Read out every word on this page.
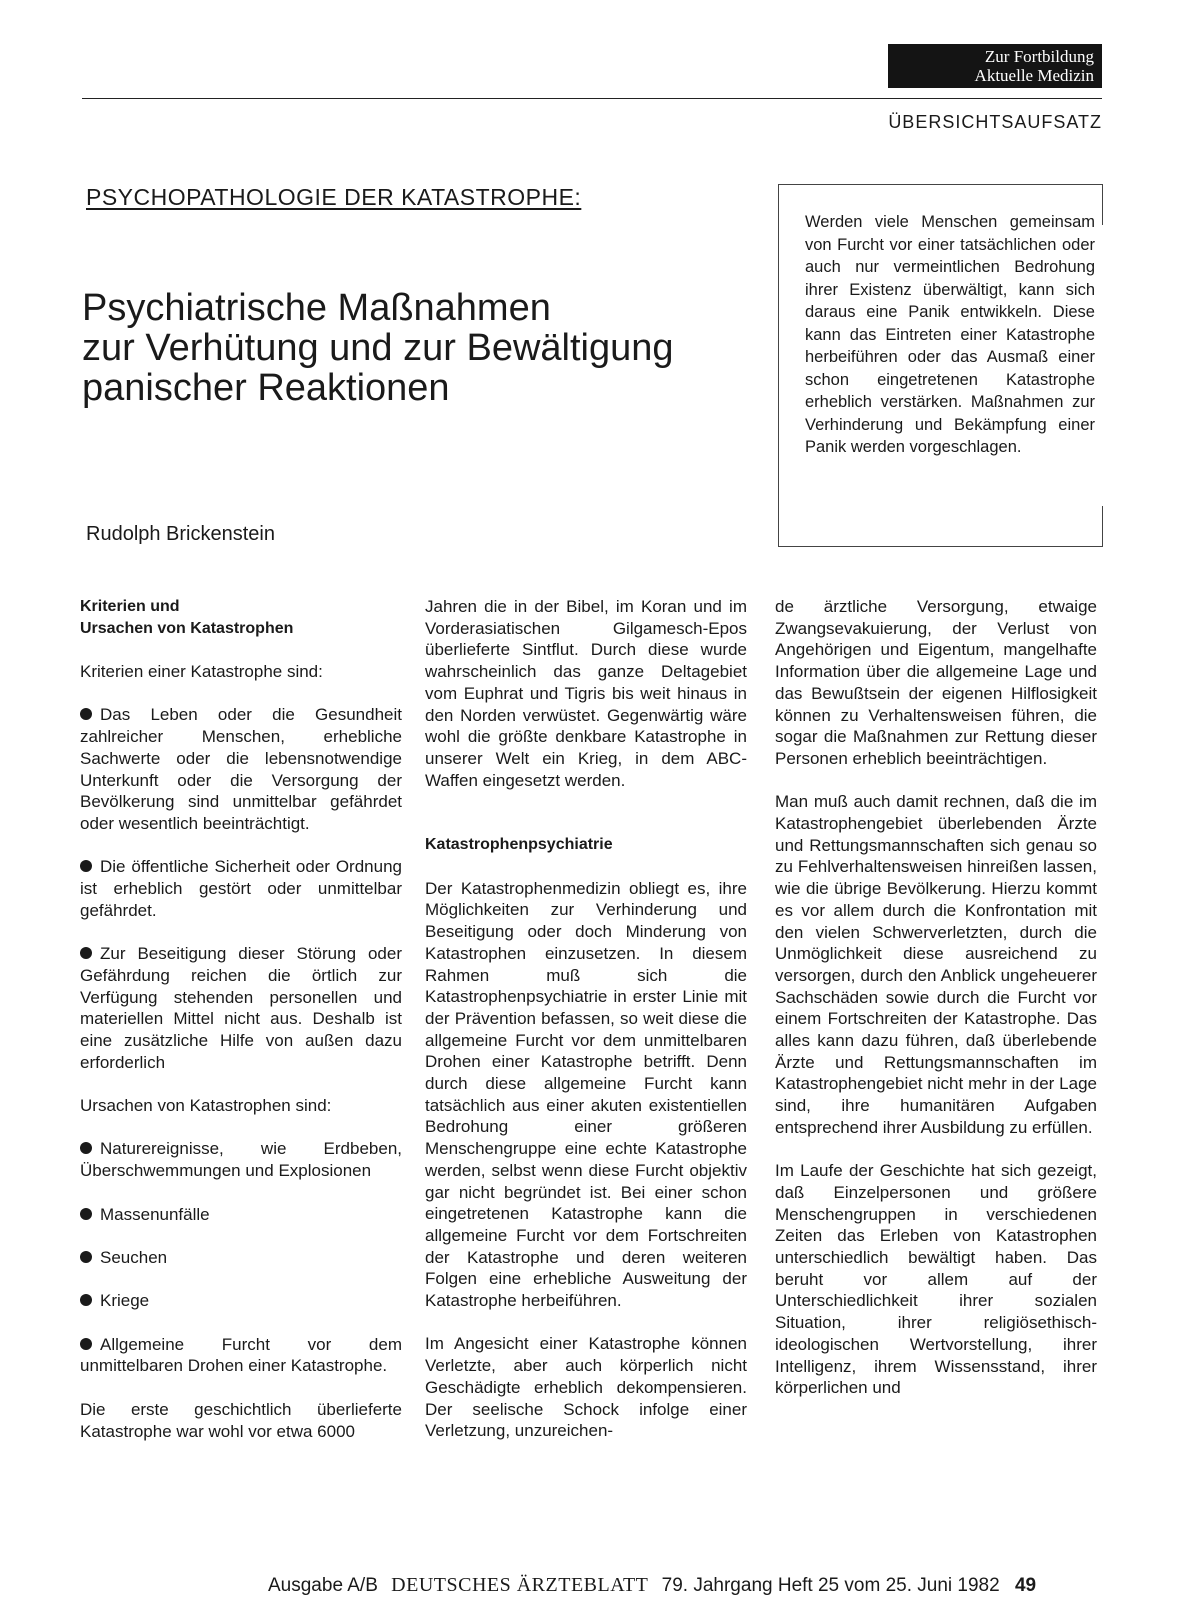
Zur Fortbildung
Aktuelle Medizin
ÜBERSICHTSAUFSATZ
PSYCHOPATHOLOGIE DER KATASTROPHE:
Psychiatrische Maßnahmen
zur Verhütung und zur Bewältigung
panischer Reaktionen
Rudolph Brickenstein
Werden viele Menschen gemeinsam von Furcht vor einer tatsächlichen oder auch nur vermeintlichen Bedrohung ihrer Existenz überwältigt, kann sich daraus eine Panik entwikkeln. Diese kann das Eintreten einer Katastrophe herbeiführen oder das Ausmaß einer schon eingetretenen Katastrophe erheblich verstärken. Maßnahmen zur Verhinderung und Bekämpfung einer Panik werden vorgeschlagen.
Kriterien und
Ursachen von Katastrophen

Kriterien einer Katastrophe sind:

Das Leben oder die Gesundheit zahlreicher Menschen, erhebliche Sachwerte oder die lebensnotwendige Unterkunft oder die Versorgung der Bevölkerung sind unmittelbar gefährdet oder wesentlich beeinträchtigt.

Die öffentliche Sicherheit oder Ordnung ist erheblich gestört oder unmittelbar gefährdet.

Zur Beseitigung dieser Störung oder Gefährdung reichen die örtlich zur Verfügung stehenden personellen und materiellen Mittel nicht aus. Deshalb ist eine zusätzliche Hilfe von außen dazu erforderlich

Ursachen von Katastrophen sind:

Naturereignisse, wie Erdbeben, Überschwemmungen und Explosionen

Massenunfälle

Seuchen

Kriege

Allgemeine Furcht vor dem unmittelbaren Drohen einer Katastrophe.

Die erste geschichtlich überlieferte Katastrophe war wohl vor etwa 6000

Jahren die in der Bibel, im Koran und im Vorderasiatischen Gilgamesch-Epos überlieferte Sintflut. Durch diese wurde wahrscheinlich das ganze Deltagebiet vom Euphrat und Tigris bis weit hinaus in den Norden verwüstet. Gegenwärtig wäre wohl die größte denkbare Katastrophe in unserer Welt ein Krieg, in dem ABC-Waffen eingesetzt werden.

Katastrophenpsychiatrie

Der Katastrophenmedizin obliegt es, ihre Möglichkeiten zur Verhinderung und Beseitigung oder doch Minderung von Katastrophen einzusetzen. In diesem Rahmen muß sich die Katastrophenpsychiatrie in erster Linie mit der Prävention befassen, so weit diese die allgemeine Furcht vor dem unmittelbaren Drohen einer Katastrophe betrifft. Denn durch diese allgemeine Furcht kann tatsächlich aus einer akuten existentiellen Bedrohung einer größeren Menschengruppe eine echte Katastrophe werden, selbst wenn diese Furcht objektiv gar nicht begründet ist. Bei einer schon eingetretenen Katastrophe kann die allgemeine Furcht vor dem Fortschreiten der Katastrophe und deren weiteren Folgen eine erhebliche Ausweitung der Katastrophe herbeiführen.

Im Angesicht einer Katastrophe können Verletzte, aber auch körperlich nicht Geschädigte erheblich dekompensieren. Der seelische Schock infolge einer Verletzung, unzureichen-

de ärztliche Versorgung, etwaige Zwangsevakuierung, der Verlust von Angehörigen und Eigentum, mangelhafte Information über die allgemeine Lage und das Bewußtsein der eigenen Hilflosigkeit können zu Verhaltensweisen führen, die sogar die Maßnahmen zur Rettung dieser Personen erheblich beeinträchtigen.

Man muß auch damit rechnen, daß die im Katastrophengebiet überlebenden Ärzte und Rettungsmannschaften sich genau so zu Fehlverhaltensweisen hinreißen lassen, wie die übrige Bevölkerung. Hierzu kommt es vor allem durch die Konfrontation mit den vielen Schwerverletzten, durch die Unmöglichkeit diese ausreichend zu versorgen, durch den Anblick ungeheuerer Sachschäden sowie durch die Furcht vor einem Fortschreiten der Katastrophe. Das alles kann dazu führen, daß überlebende Ärzte und Rettungsmannschaften im Katastrophengebiet nicht mehr in der Lage sind, ihre humanitären Aufgaben entsprechend ihrer Ausbildung zu erfüllen.

Im Laufe der Geschichte hat sich gezeigt, daß Einzelpersonen und größere Menschengruppen in verschiedenen Zeiten das Erleben von Katastrophen unterschiedlich bewältigt haben. Das beruht vor allem auf der Unterschiedlichkeit ihrer sozialen Situation, ihrer religiösethisch-ideologischen Wertvorstellung, ihrer Intelligenz, ihrem Wissensstand, ihrer körperlichen und

Ausgabe A/B DEUTSCHES ÄRZTEBLATT 79. Jahrgang Heft 25 vom 25. Juni 1982 49
